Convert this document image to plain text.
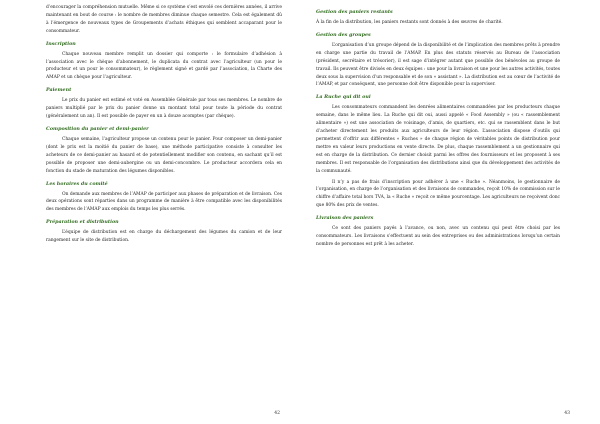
d’encourager la compréhension mutuelle. Même si ce système s’est envolé ces dernières années, il arrive maintenant en bout de course : le nombre de membres diminue chaque semestre. Cela est également dû à l’émergence de nouveaux types de Groupements d’achats éthiques qui semblent accaparant pour le consommateur.

Inscription

Chaque nouveau membre remplit un dossier qui comporte : le formulaire d’adhésion à l’association avec le chèque d’abonnement, le duplicata du contrat avec l’agriculteur (un pour le producteur et un pour le consommateur), le règlement signé et gardé par l’association, la Charte des AMAP et un chèque pour l’agriculteur.

Paiement

Le prix du panier est estimé et voté en Assemblée Générale par tous ses membres. Le nombre de paniers multiplié par le prix du panier donne un montant total pour toute la période du contrat (généralement un an). Il est possible de payer en un à douze acomptes (par chèque).

Composition du panier et demi-panier

Chaque semaine, l’agriculteur propose un contenu pour le panier. Pour composer un demi-panier (dont le prix est la moitié du panier de base), une méthode participative consiste à consulter les acheteurs de ce demi-panier au hasard et de potentiellement modifier son contenu, en sachant qu’il est possible de proposer une demi-aubergine ou un demi-concombre. Le producteur accordera cela en fonction du stade de maturation des légumes disponibles.

Les horaires du comité

On demande aux membres de l’AMAP de participer aux phases de préparation et de livraison. Ces deux opérations sont réparties dans un programme de manière à être compatible avec les disponibilités des membres de l’AMAP aux emplois du temps les plus serrés.

Préparation et distribution

L’équipe de distribution est en charge du déchargement des légumes du camion et de leur rangement sur le site de distribution.

42
Gestion des paniers restants

À la fin de la distribution, les paniers restants sont donnés à des œuvres de charité.

Gestion des groupes

L’organisation d’un groupe dépend de la disponibilité et de l’implication des membres prêts à prendre en charge une partie du travail de l’AMAP. En plus des statuts réservés au Bureau de l’association (président, secrétaire et trésorier), il est sage d’intégrer autant que possible des bénévoles au groupe de travail. Ils peuvent être divisés en deux équipes : une pour la livraison et une pour les autres activités, toutes deux sous la supervision d’un responsable et de son « assistant ». La distribution est au cœur de l’activité de l’AMAP, et par conséquent, une personne doit être disponible pour la superviser.

La Ruche qui dit oui

Les consommateurs commandent les denrées alimentaires commandées par les producteurs chaque semaine, dans le même lieu. La Ruche qui dit oui, aussi appelé « Food Assembly » (ou « rassemblement alimentaire ») est une association de voisinage, d’amis, de quartiers, etc. qui se rassemblent dans le but d’acheter directement les produits aux agriculteurs de leur région. L’association dispose d’outils qui permettent d’offrir aux différentes « Ruches » de chaque région de véritables points de distribution pour mettre en valeur leurs productions en vente directe. De plus, chaque rassemblement a un gestionnaire qui est en charge de la distribution. Ce dernier choisit parmi les offres des fournisseurs et les proposent à ses membres. Il est responsable de l’organisation des distributions ainsi que du développement des activités de la communauté.

Il n’y a pas de frais d’inscription pour adhérer à une « Ruche ». Néanmoins, le gestionnaire de l’organisation, en charge de l’organisation et des livraisons de commandes, reçoit 10% de commission sur le chiffre d’affaire total hors TVA, la « Ruche » reçoit ce même pourcentage. Les agriculteurs ne reçoivent donc que 80% des prix de ventes.

Livraison des paniers

Ce sont des paniers payés à l’avance, ou non, avec un contenu qui peut être choisi par les consommateurs. Les livraisons s’effectuent au sein des entreprises ou des administrations lorsqu’un certain nombre de personnes est prêt à les acheter.

43
